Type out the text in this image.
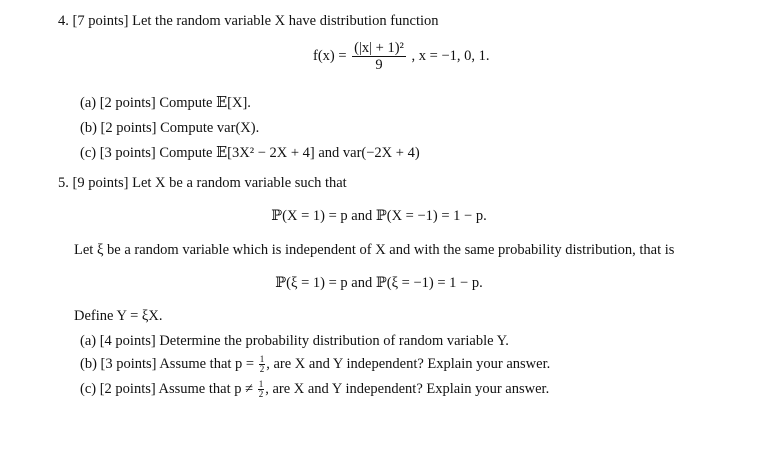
4. [7 points] Let the random variable X have distribution function
$f(x) = \frac{\text{(|x| + 1)²}}{9}$ , x = −1, 0, 1.
(a) [2 points] Compute 𝔼[X].
(b) [2 points] Compute var(X).
(c) [3 points] Compute 𝔼[3X² − 2X + 4] and var(−2X + 4)
5. [9 points] Let X be a random variable such that
ℙ(X = 1) = p and ℙ(X = −1) = 1 − p.
Let ξ be a random variable which is independent of X and with the same probability distribution, that is
ℙ(ξ = 1) = p and ℙ(ξ = −1) = 1 − p.
Define Y = ξX.
(a) [4 points] Determine the probability distribution of random variable Y.
(b) [3 points] Assume that $p = \frac{1}{2}$ , are X and Y independent? Explain your answer.
(c) [2 points] Assume that $p \ne \frac{1}{2}$ , are X and Y independent? Explain your answer.
